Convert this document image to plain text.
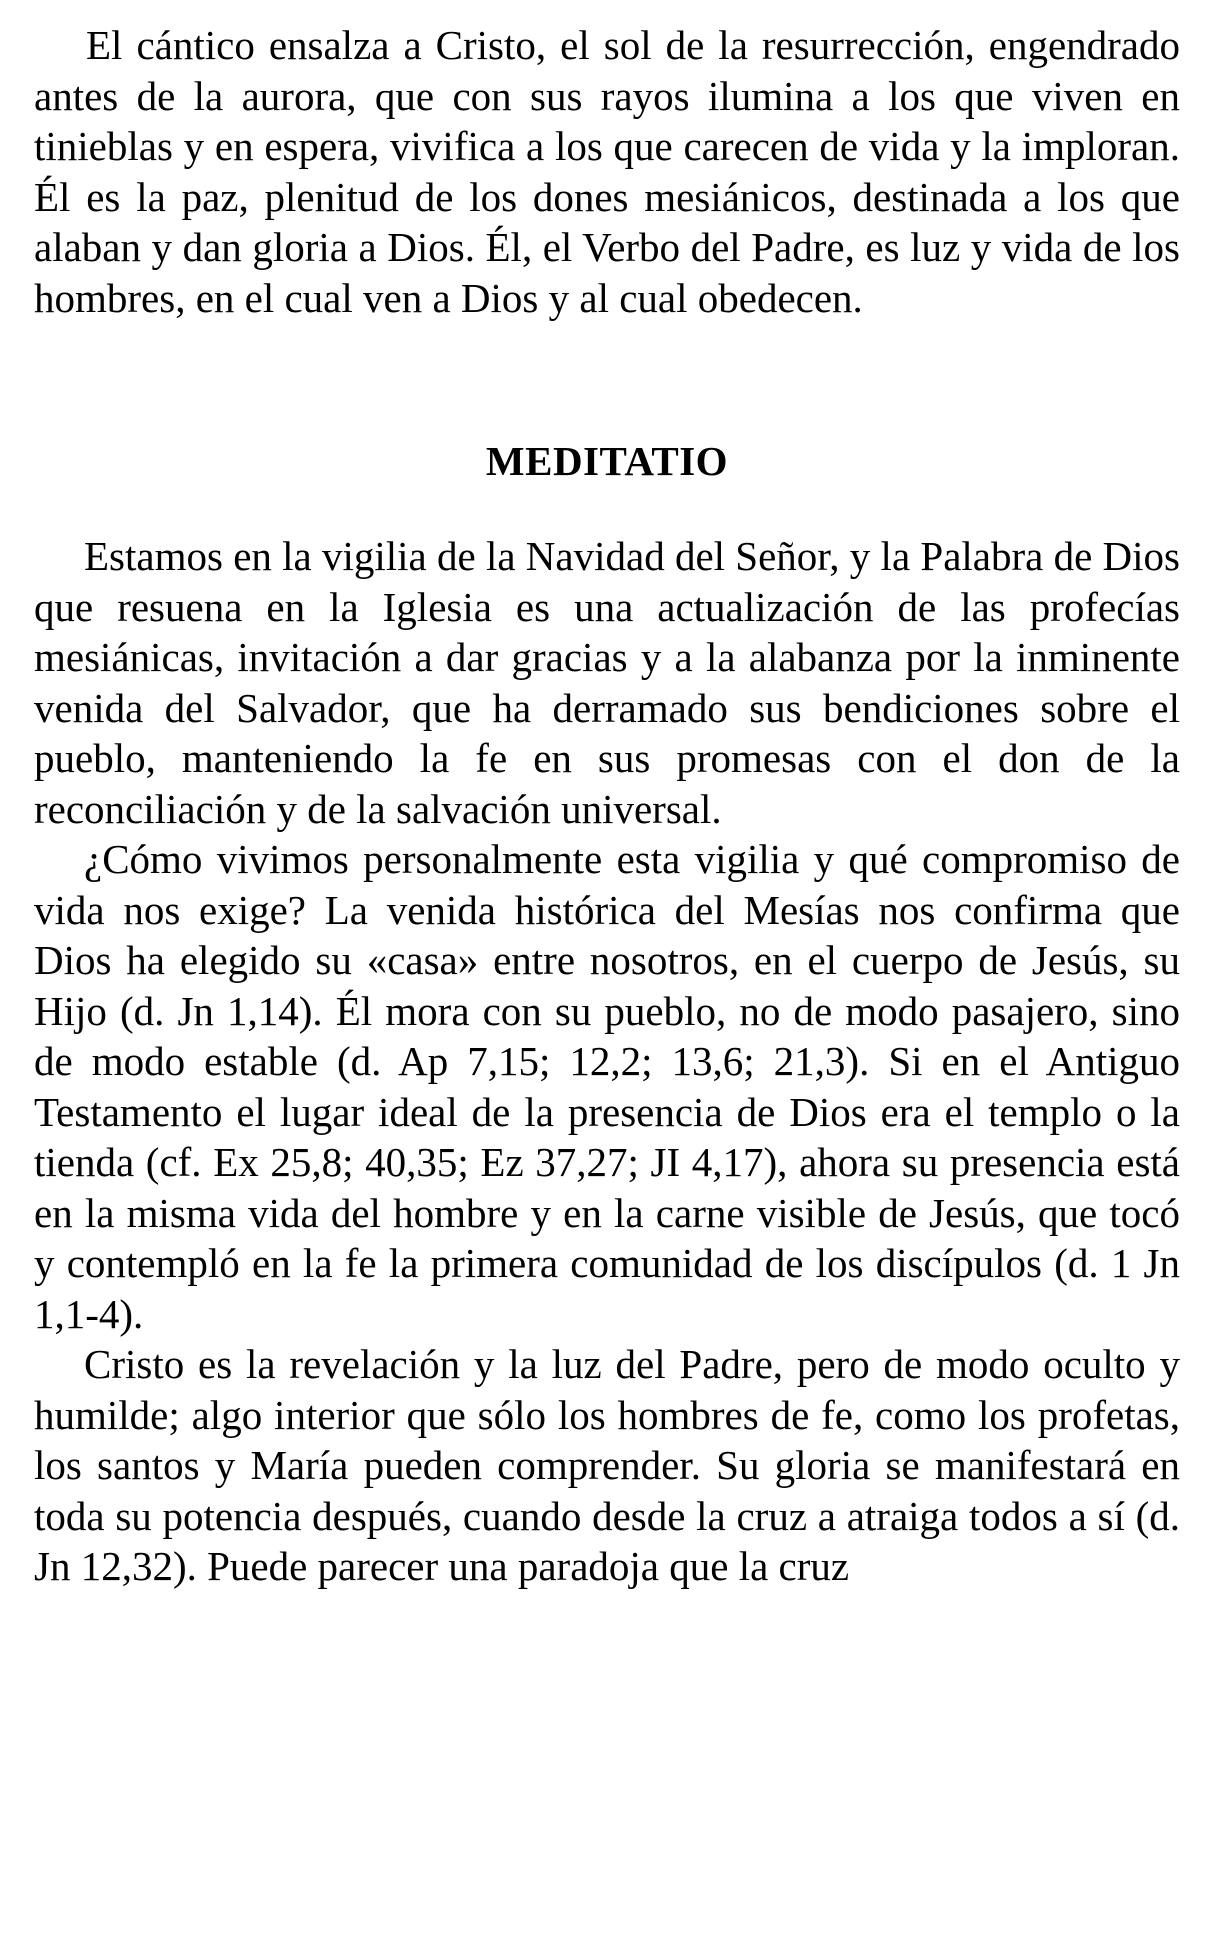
El cántico ensalza a Cristo, el sol de la resurrección, engendrado antes de la aurora, que con sus rayos ilumina a los que viven en tinieblas y en espera, vivifica a los que carecen de vida y la imploran. Él es la paz, plenitud de los dones mesiánicos, destinada a los que alaban y dan gloria a Dios. Él, el Verbo del Padre, es luz y vida de los hombres, en el cual ven a Dios y al cual obedecen.

MEDITATIO

Estamos en la vigilia de la Navidad del Señor, y la Palabra de Dios que resuena en la Iglesia es una actualización de las profecías mesiánicas, invitación a dar gracias y a la alabanza por la inminente venida del Salvador, que ha derramado sus bendiciones sobre el pueblo, manteniendo la fe en sus promesas con el don de la reconciliación y de la salvación universal.

¿Cómo vivimos personalmente esta vigilia y qué compromiso de vida nos exige? La venida histórica del Mesías nos confirma que Dios ha elegido su «casa» entre nosotros, en el cuerpo de Jesús, su Hijo (d. Jn 1,14). Él mora con su pueblo, no de modo pasajero, sino de modo estable (d. Ap 7,15; 12,2; 13,6; 21,3). Si en el Antiguo Testamento el lugar ideal de la presencia de Dios era el templo o la tienda (cf. Ex 25,8; 40,35; Ez 37,27; JI 4,17), ahora su presencia está en la misma vida del hombre y en la carne visible de Jesús, que tocó y contempló en la fe la primera comunidad de los discípulos (d. 1 Jn 1,1-4).

Cristo es la revelación y la luz del Padre, pero de modo oculto y humilde; algo interior que sólo los hombres de fe, como los profetas, los santos y María pueden comprender. Su gloria se manifestará en toda su potencia después, cuando desde la cruz a atraiga todos a sí (d. Jn 12,32). Puede parecer una paradoja que la cruz
